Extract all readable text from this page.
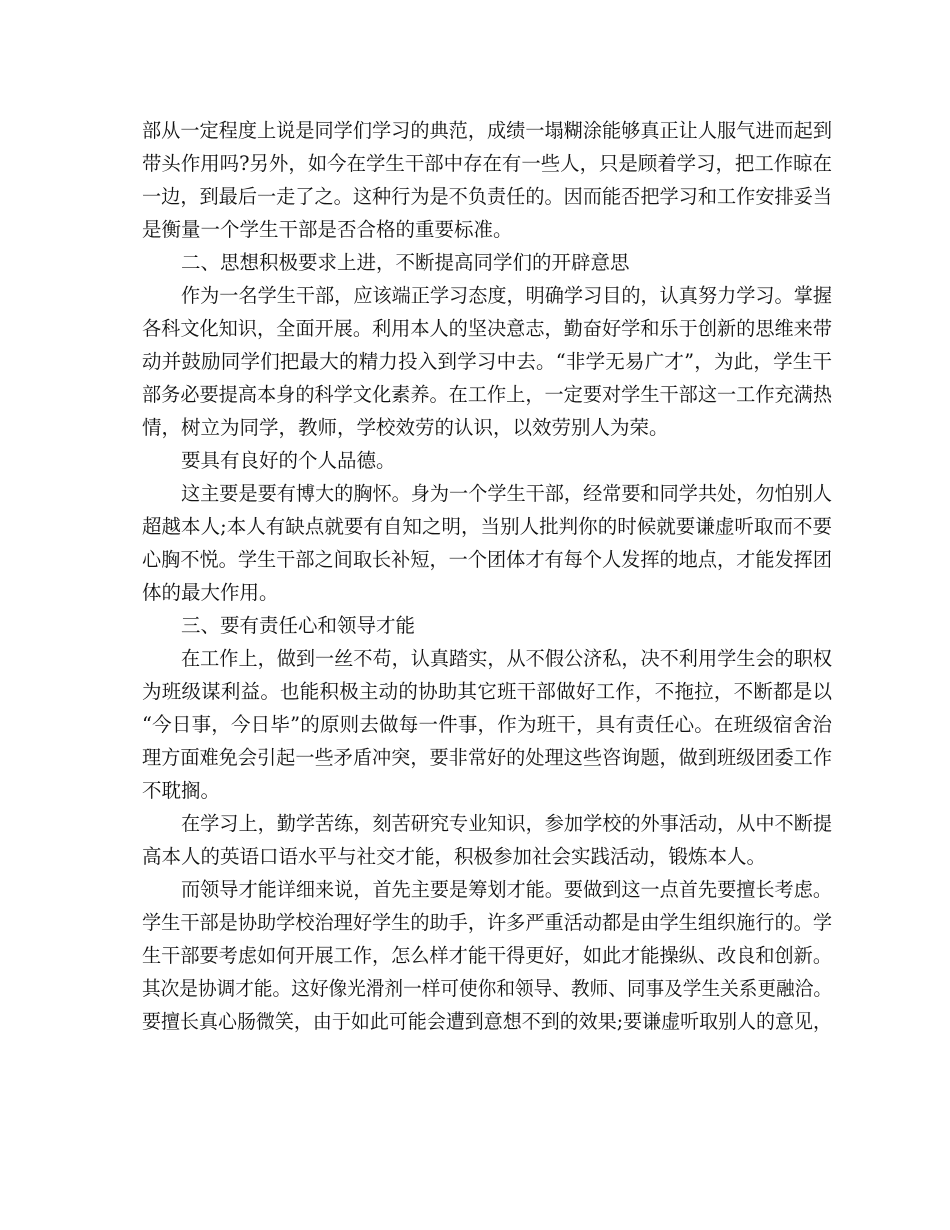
部从一定程度上说是同学们学习的典范，成绩一塌糊涂能够真正让人服气进而起到
带头作用吗?另外，如今在学生干部中存在有一些人，只是顾着学习，把工作晾在
一边，到最后一走了之。这种行为是不负责任的。因而能否把学习和工作安排妥当
是衡量一个学生干部是否合格的重要标准。
二、思想积极要求上进，不断提高同学们的开辟意思
作为一名学生干部，应该端正学习态度，明确学习目的，认真努力学习。掌握
各科文化知识，全面开展。利用本人的坚决意志，勤奋好学和乐于创新的思维来带
动并鼓励同学们把最大的精力投入到学习中去。“非学无易广才”，为此，学生干
部务必要提高本身的科学文化素养。在工作上，一定要对学生干部这一工作充满热
情，树立为同学，教师，学校效劳的认识，以效劳别人为荣。
要具有良好的个人品德。
这主要是要有博大的胸怀。身为一个学生干部，经常要和同学共处，勿怕别人
超越本人;本人有缺点就要有自知之明，当别人批判你的时候就要谦虚听取而不要
心胸不悦。学生干部之间取长补短，一个团体才有每个人发挥的地点，才能发挥团
体的最大作用。
三、要有责任心和领导才能
在工作上，做到一丝不苟，认真踏实，从不假公济私，决不利用学生会的职权
为班级谋利益。也能积极主动的协助其它班干部做好工作，不拖拉，不断都是以
“今日事，今日毕”的原则去做每一件事，作为班干，具有责任心。在班级宿舍治
理方面难免会引起一些矛盾冲突，要非常好的处理这些咨询题，做到班级团委工作
不耽搁。
在学习上，勤学苦练，刻苦研究专业知识，参加学校的外事活动，从中不断提
高本人的英语口语水平与社交才能，积极参加社会实践活动，锻炼本人。
而领导才能详细来说，首先主要是筹划才能。要做到这一点首先要擅长考虑。
学生干部是协助学校治理好学生的助手，许多严重活动都是由学生组织施行的。学
生干部要考虑如何开展工作，怎么样才能干得更好，如此才能操纵、改良和创新。
其次是协调才能。这好像光滑剂一样可使你和领导、教师、同事及学生关系更融洽。
要擅长真心肠微笑，由于如此可能会遭到意想不到的效果;要谦虚听取别人的意见，
